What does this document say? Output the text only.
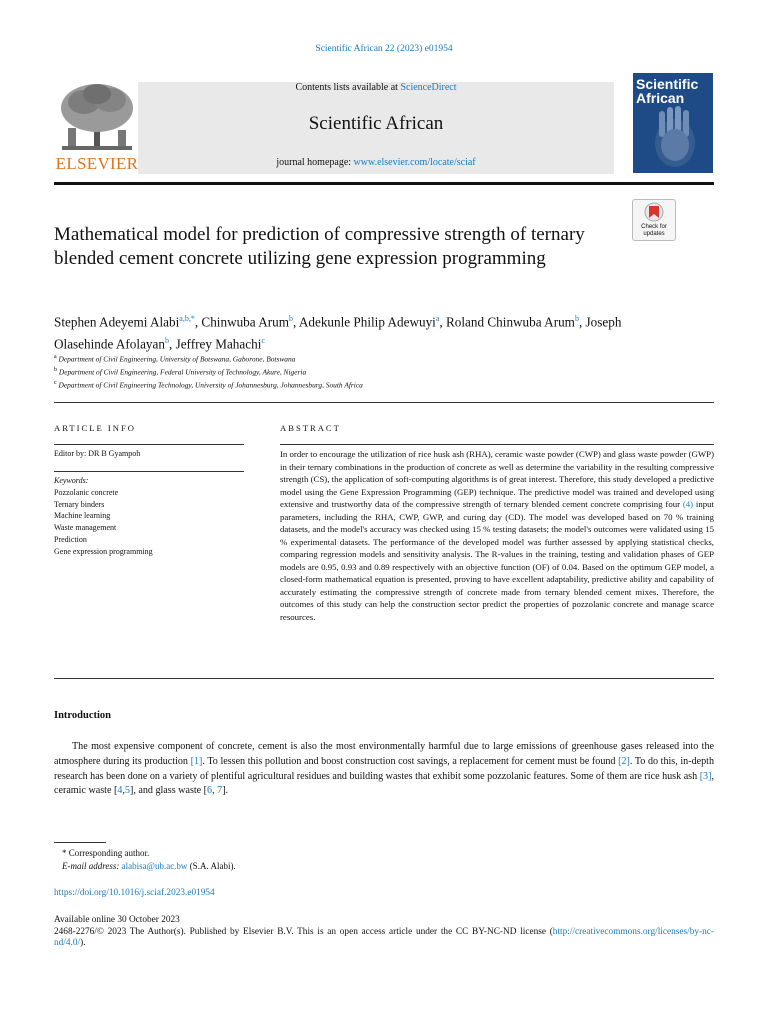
Scientific African 22 (2023) e01954
ELSEVIER
Contents lists available at ScienceDirect
Scientific African
journal homepage: www.elsevier.com/locate/sciaf
Scientific African
Mathematical model for prediction of compressive strength of ternary blended cement concrete utilizing gene expression programming
Check for updates
Stephen Adeyemi Alabi$^{a,b,*}$, Chinwuba Arum$^b$, Adekunle Philip Adewuyi$^a$, Roland Chinwuba Arum$^b$, Joseph Olasehinde Afolayan$^b$, Jeffrey Mahachi$^c$
$^a$ Department of Civil Engineering, University of Botswana, Gaborone, Botswana
$^b$ Department of Civil Engineering, Federal University of Technology, Akure, Nigeria
$^c$ Department of Civil Engineering Technology, University of Johannesburg, Johannesburg, South Africa
ARTICLE INFO
Editor by: DR B Gyampoh
Keywords:
Pozzolanic concrete
Ternary binders
Machine learning
Waste management
Prediction
Gene expression programming
ABSTRACT
In order to encourage the utilization of rice husk ash (RHA), ceramic waste powder (CWP) and glass waste powder (GWP) in their ternary combinations in the production of concrete as well as determine the variability in the resulting compressive strength (CS), the application of soft-computing algorithms is of great interest. Therefore, this study developed a predictive model using the Gene Expression Programming (GEP) technique. The predictive model was trained and developed using extensive and trustworthy data of the compressive strength of ternary blended cement concrete comprising four (4) input parameters, including the RHA, CWP, GWP, and curing day (CD). The model was developed based on 70 % training datasets, and the model's accuracy was checked using 15 % testing datasets; the model's outcomes were validated using 15 % experimental datasets. The performance of the developed model was further assessed by applying statistical checks, comparing regression models and sensitivity analysis. The R-values in the training, testing and validation phases of GEP models are 0.95, 0.93 and 0.89 respectively with an objective function (OF) of 0.04. Based on the optimum GEP model, a closed-form mathematical equation is presented, proving to have excellent adaptability, predictive ability and capability of accurately estimating the compressive strength of concrete made from ternary blended cement mixes. Therefore, the outcomes of this study can help the construction sector predict the properties of pozzolanic concrete and manage scarce resources.
Introduction
The most expensive component of concrete, cement is also the most environmentally harmful due to large emissions of greenhouse gases released into the atmosphere during its production [1]. To lessen this pollution and boost construction cost savings, a replacement for cement must be found [2]. To do this, in-depth research has been done on a variety of plentiful agricultural residues and building wastes that exhibit some pozzolanic features. Some of them are rice husk ash [3], ceramic waste [4,5], and glass waste [6, 7].
* Corresponding author.
E-mail address: alabisa@ub.ac.bw (S.A. Alabi).
https://doi.org/10.1016/j.sciaf.2023.e01954
Available online 30 October 2023
2468-2276/© 2023 The Author(s). Published by Elsevier B.V. This is an open access article under the CC BY-NC-ND license (http://creativecommons.org/licenses/by-nc-nd/4.0/).
